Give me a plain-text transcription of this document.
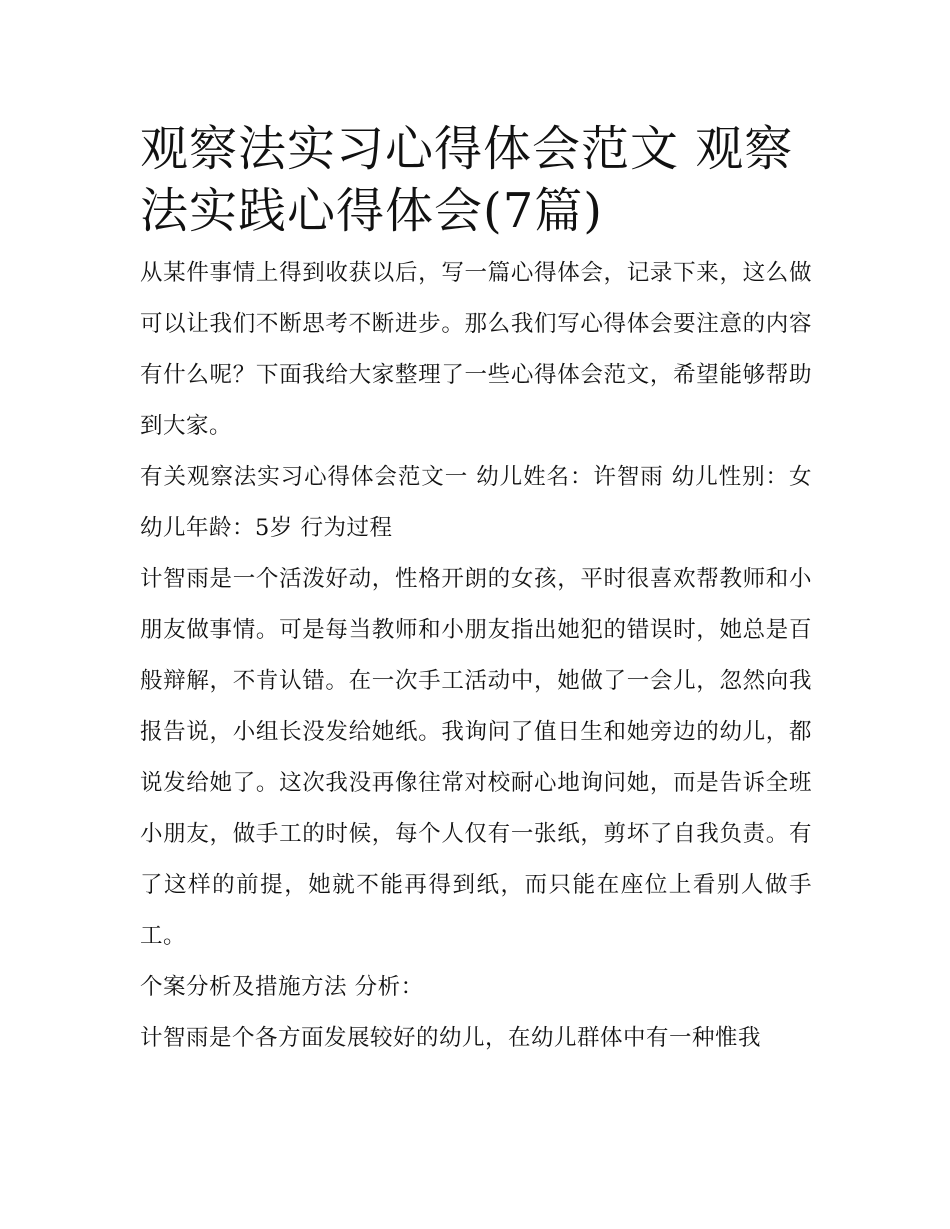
观察法实习心得体会范文 观察法实践心得体会(7篇)

从某件事情上得到收获以后，写一篇心得体会，记录下来，这么做可以让我们不断思考不断进步。那么我们写心得体会要注意的内容有什么呢？下面我给大家整理了一些心得体会范文，希望能够帮助到大家。

有关观察法实习心得体会范文一 幼儿姓名：许智雨 幼儿性别：女 幼儿年龄：5岁 行为过程

计智雨是一个活泼好动，性格开朗的女孩，平时很喜欢帮教师和小朋友做事情。可是每当教师和小朋友指出她犯的错误时，她总是百般辩解，不肯认错。在一次手工活动中，她做了一会儿，忽然向我报告说，小组长没发给她纸。我询问了值日生和她旁边的幼儿，都说发给她了。这次我没再像往常对校耐心地询问她，而是告诉全班小朋友，做手工的时候，每个人仅有一张纸，剪坏了自我负责。有了这样的前提，她就不能再得到纸，而只能在座位上看别人做手工。

个案分析及措施方法 分析：

计智雨是个各方面发展较好的幼儿，在幼儿群体中有一种惟我
